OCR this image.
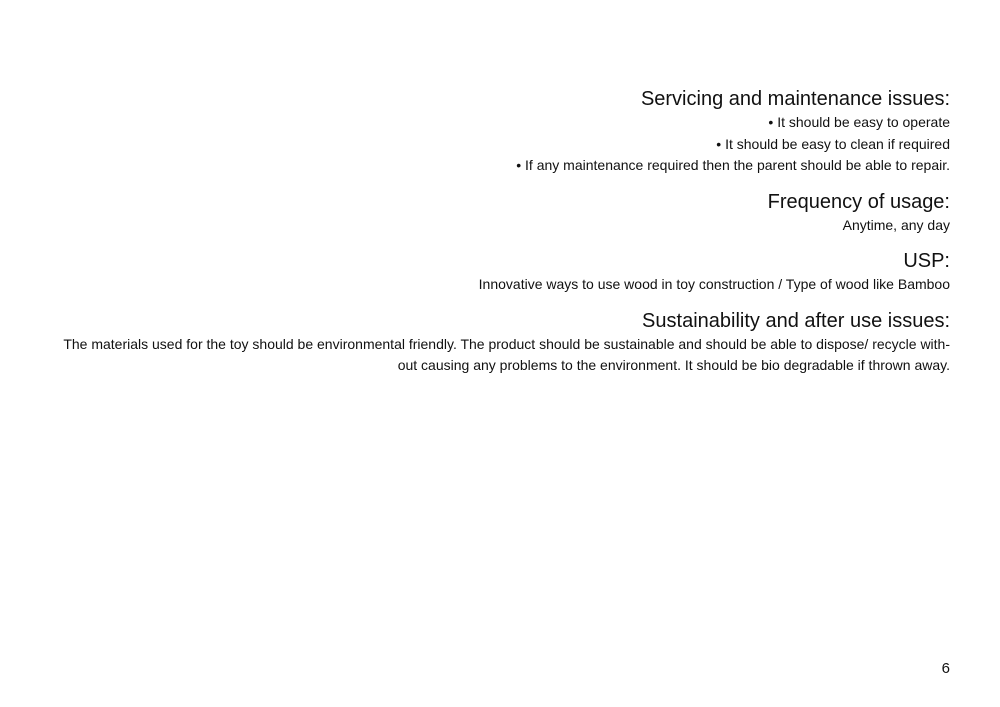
Servicing and maintenance issues:

• It should be easy to operate

• It should be easy to clean if required

• If any maintenance required then the parent should be able to repair.

Frequency of usage:

Anytime, any day

USP:

Innovative ways to use wood in toy construction / Type of wood like Bamboo

Sustainability and after use issues:

The materials used for the toy should be environmental friendly. The product should be sustainable and should be able to dispose/ recycle with-

out causing any problems to the environment. It should be bio degradable if thrown away.

6
